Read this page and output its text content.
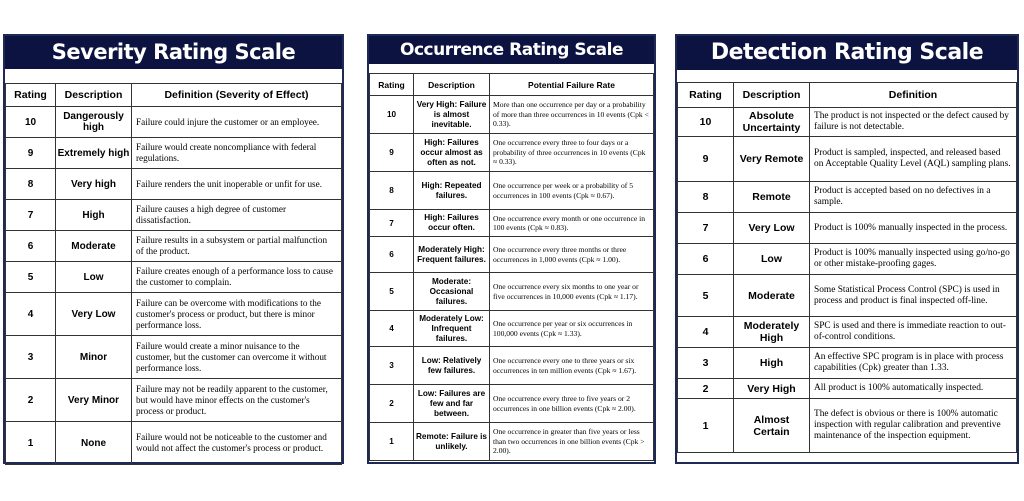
Severity Rating Scale
Rating	Description	Definition (Severity of Effect)
10	Dangerously high	Failure could injure the customer or an employee.
9	Extremely high	Failure would create noncompliance with federal regulations.
8	Very high	Failure renders the unit inoperable or unfit for use.
7	High	Failure causes a high degree of customer dissatisfaction.
6	Moderate	Failure results in a subsystem or partial malfunction of the product.
5	Low	Failure creates enough of a performance loss to cause the customer to complain.
4	Very Low	Failure can be overcome with modifications to the customer's process or product, but there is minor performance loss.
3	Minor	Failure would create a minor nuisance to the customer, but the customer can overcome it without performance loss.
2	Very Minor	Failure may not be readily apparent to the customer, but would have minor effects on the customer's process or product.
1	None	Failure would not be noticeable to the customer and would not affect the customer's process or product.
Occurrence Rating Scale
Rating	Description	Potential Failure Rate
10	Very High: Failure is almost inevitable.	More than one occurrence per day or a probability of more than three occurrences in 10 events (Cpk < 0.33).
9	High: Failures occur almost as often as not.	One occurrence every three to four days or a probability of three occurrences in 10 events (Cpk ≈ 0.33).
8	High: Repeated failures.	One occurrence per week or a probability of 5 occurrences in 100 events (Cpk ≈ 0.67).
7	High: Failures occur often.	One occurrence every month or one occurrence in 100 events (Cpk ≈ 0.83).
6	Moderately High: Frequent failures.	One occurrence every three months or three occurrences in 1,000 events (Cpk ≈ 1.00).
5	Moderate: Occasional failures.	One occurrence every six months to one year or five occurrences in 10,000 events (Cpk ≈ 1.17).
4	Moderately Low: Infrequent failures.	One occurrence per year or six occurrences in 100,000 events (Cpk ≈ 1.33).
3	Low: Relatively few failures.	One occurrence every one to three years or six occurrences in ten million events (Cpk ≈ 1.67).
2	Low: Failures are few and far between.	One occurrence every three to five years or 2 occurrences in one billion events (Cpk ≈ 2.00).
1	Remote: Failure is unlikely.	One occurrence in greater than five years or less than two occurrences in one billion events (Cpk > 2.00).
Detection Rating Scale
Rating	Description	Definition
10	Absolute Uncertainty	The product is not inspected or the defect caused by failure is not detectable.
9	Very Remote	Product is sampled, inspected, and released based on Acceptable Quality Level (AQL) sampling plans.
8	Remote	Product is accepted based on no defectives in a sample.
7	Very Low	Product is 100% manually inspected in the process.
6	Low	Product is 100% manually inspected using go/no-go or other mistake-proofing gages.
5	Moderate	Some Statistical Process Control (SPC) is used in process and product is final inspected off-line.
4	Moderately High	SPC is used and there is immediate reaction to out-of-control conditions.
3	High	An effective SPC program is in place with process capabilities (Cpk) greater than 1.33.
2	Very High	All product is 100% automatically inspected.
1	Almost Certain	The defect is obvious or there is 100% automatic inspection with regular calibration and preventive maintenance of the inspection equipment.
